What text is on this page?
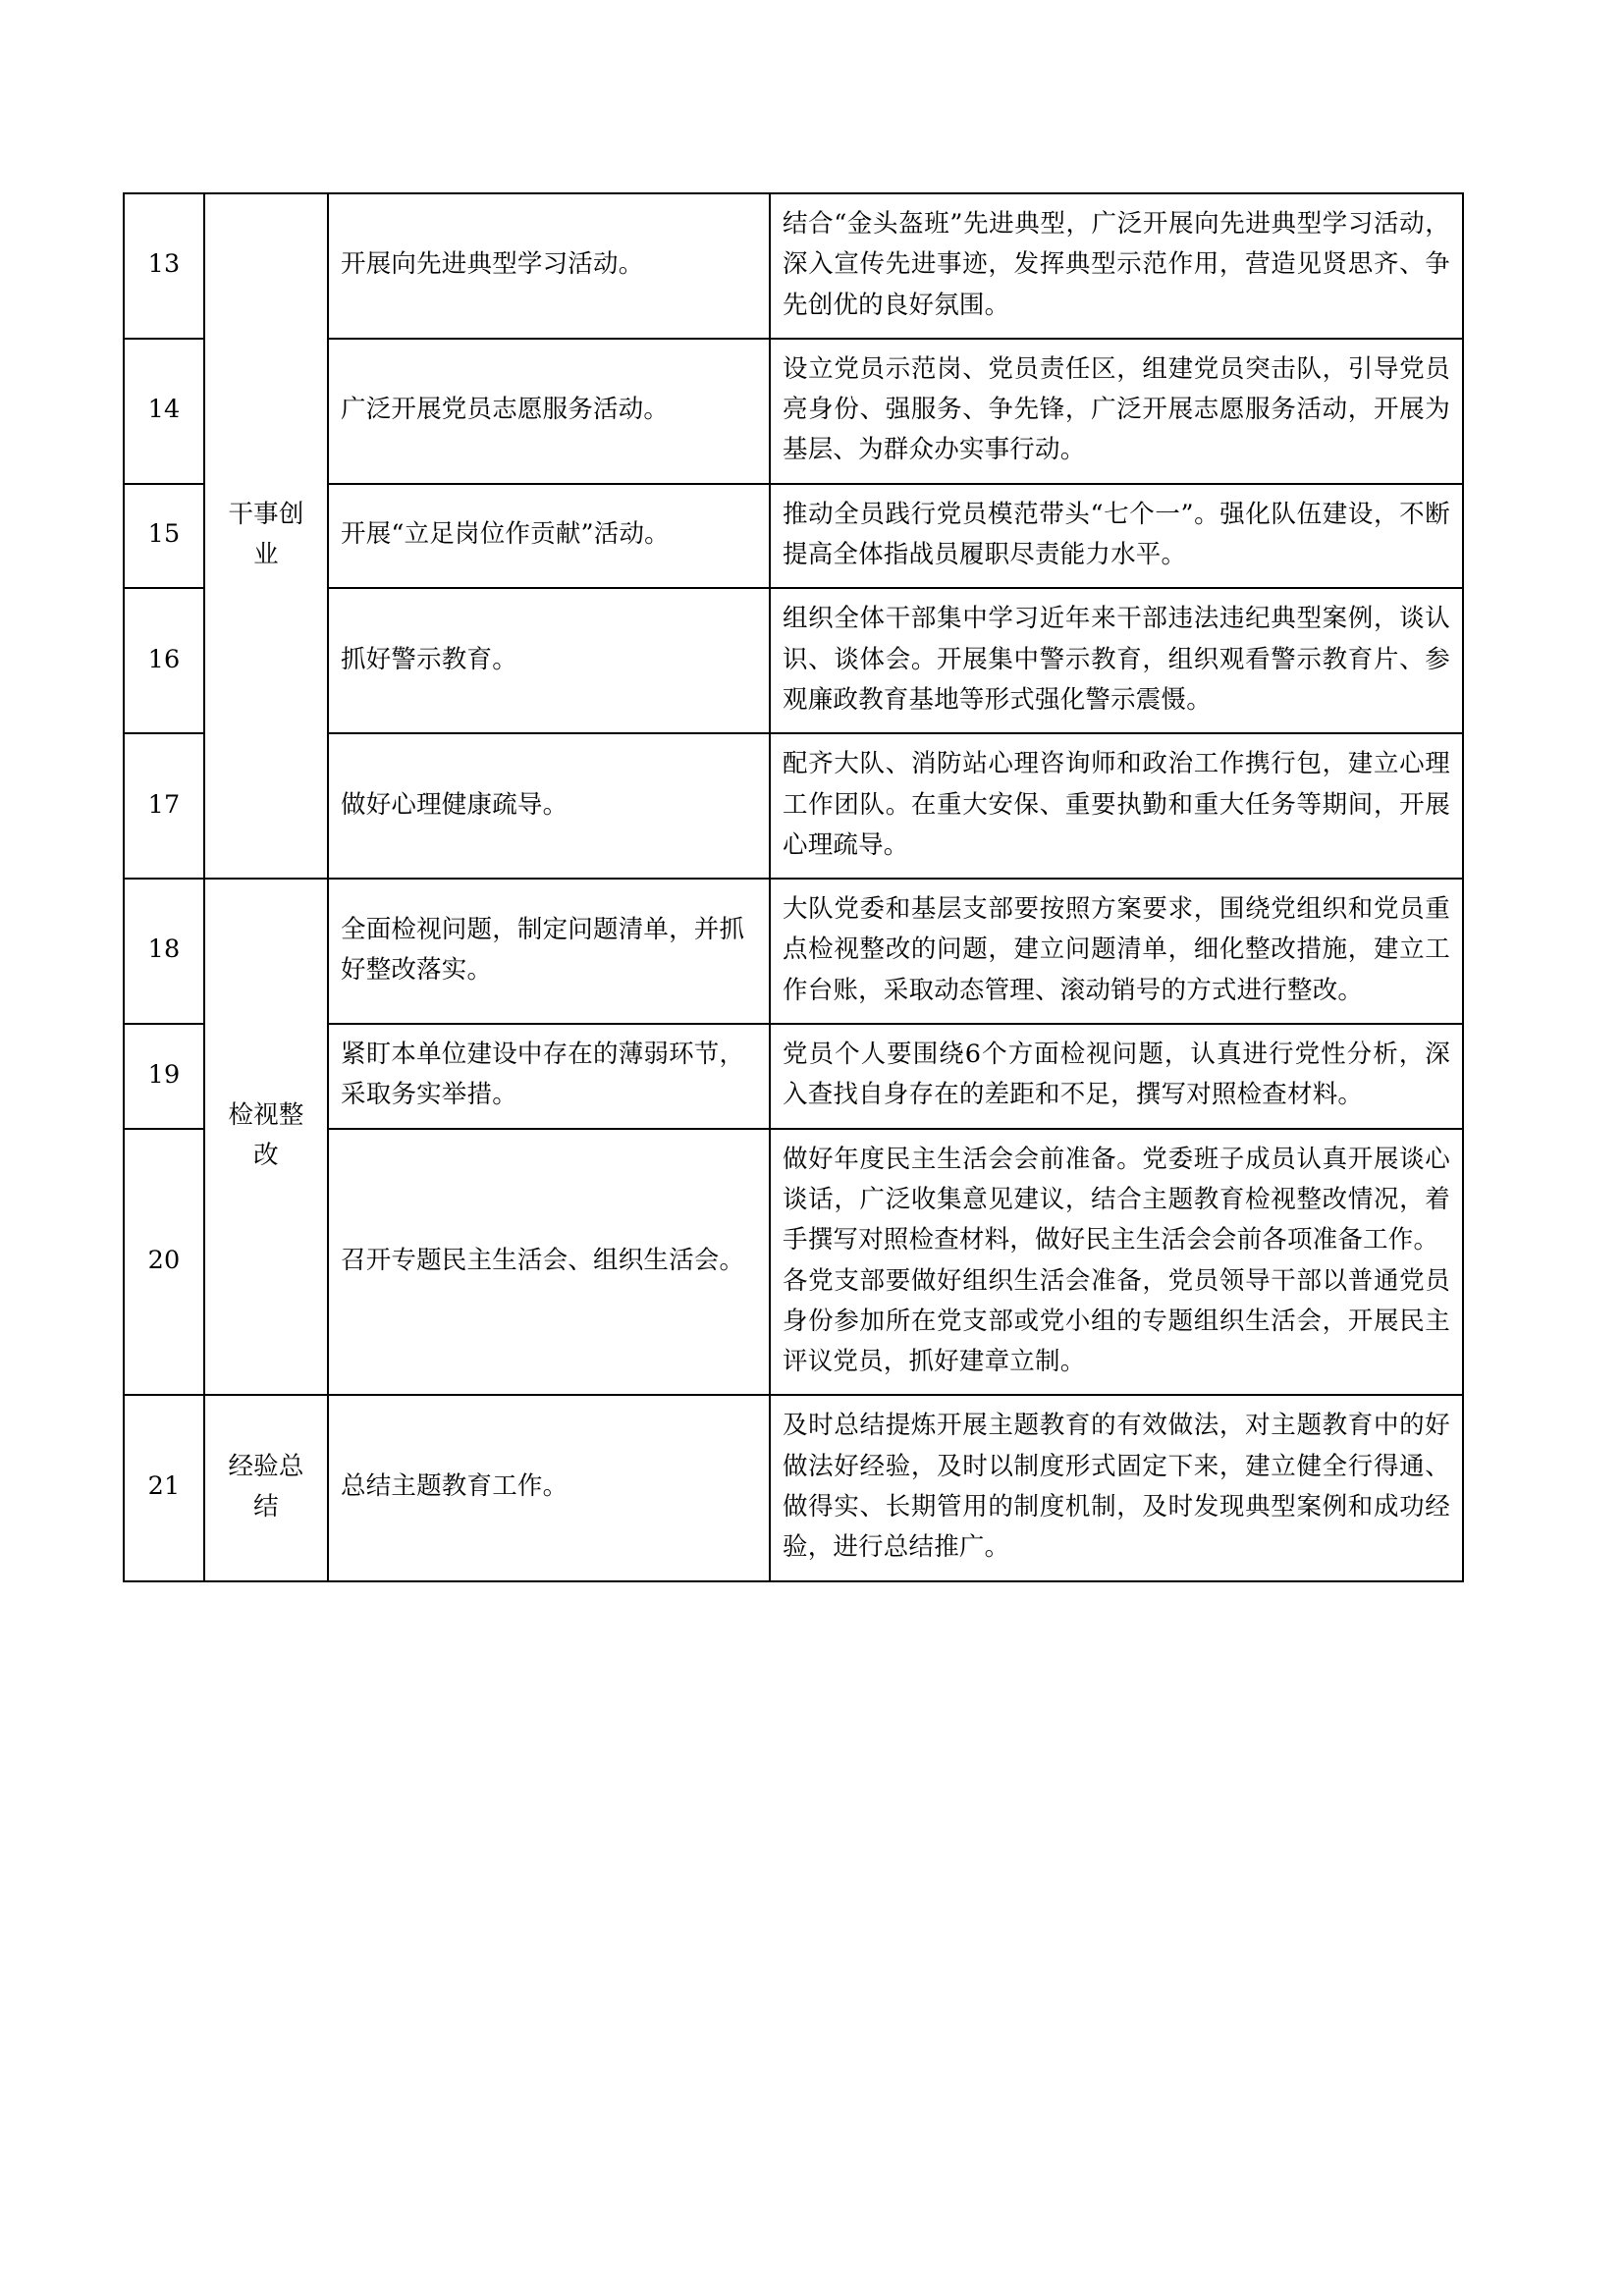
13	干事创业	开展向先进典型学习活动。	结合“金头盔班”先进典型，广泛开展向先进典型学习活动，深入宣传先进事迹，发挥典型示范作用，营造见贤思齐、争先创优的良好氛围。
14		广泛开展党员志愿服务活动。	设立党员示范岗、党员责任区，组建党员突击队，引导党员亮身份、强服务、争先锋，广泛开展志愿服务活动，开展为基层、为群众办实事行动。
15		开展“立足岗位作贡献”活动。	推动全员践行党员模范带头“七个一”。强化队伍建设，不断提高全体指战员履职尽责能力水平。
16		抓好警示教育。	组织全体干部集中学习近年来干部违法违纪典型案例，谈认识、谈体会。开展集中警示教育，组织观看警示教育片、参观廉政教育基地等形式强化警示震慑。
17		做好心理健康疏导。	配齐大队、消防站心理咨询师和政治工作携行包，建立心理工作团队。在重大安保、重要执勤和重大任务等期间，开展心理疏导。
18	检视整改	全面检视问题，制定问题清单，并抓好整改落实。	大队党委和基层支部要按照方案要求，围绕党组织和党员重点检视整改的问题，建立问题清单，细化整改措施，建立工作台账，采取动态管理、滚动销号的方式进行整改。
19		紧盯本单位建设中存在的薄弱环节，采取务实举措。	党员个人要围绕6个方面检视问题，认真进行党性分析，深入查找自身存在的差距和不足，撰写对照检查材料。
20		召开专题民主生活会、组织生活会。	做好年度民主生活会会前准备。党委班子成员认真开展谈心谈话，广泛收集意见建议，结合主题教育检视整改情况，着手撰写对照检查材料，做好民主生活会会前各项准备工作。

各党支部要做好组织生活会准备，党员领导干部以普通党员身份参加所在党支部或党小组的专题组织生活会，开展民主评议党员，抓好建章立制。

21	经验总结	总结主题教育工作。	及时总结提炼开展主题教育的有效做法，对主题教育中的好做法好经验，及时以制度形式固定下来，建立健全行得通、做得实、长期管用的制度机制，及时发现典型案例和成功经验，进行总结推广。
